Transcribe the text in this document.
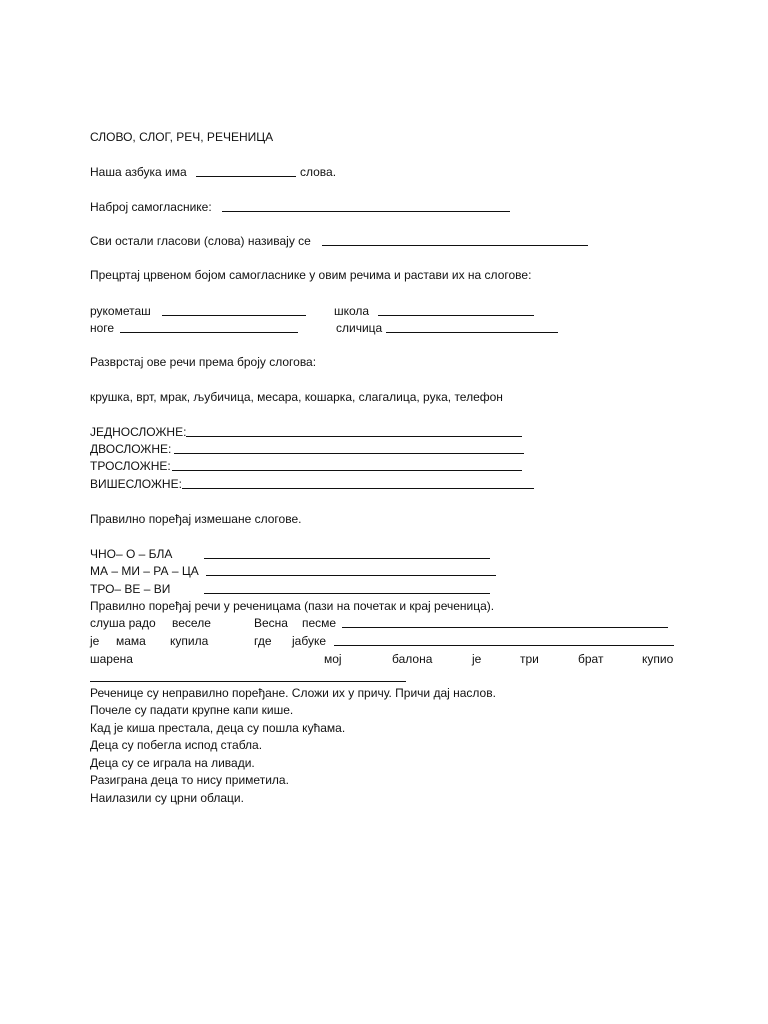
СЛОВО, СЛОГ, РЕЧ, РЕЧЕНИЦА
Наша азбука има	слова.
Наброј самогласнике:
Сви остали гласови (слова) називају се
Прецртај црвеном бојом самогласнике у овим речима и растави их на слогове:
рукометаш	школа
ноге	сличица
Разврстај ове речи према броју слогова:
крушка, врт, мрак, љубичица, месара, кошарка, слагалица, рука, телефон
ЈЕДНОСЛОЖНЕ:
ДВОСЛОЖНЕ:
ТРОСЛОЖНЕ:
ВИШЕСЛОЖНЕ:
Правилно поређај измешане слогове.
ЧНО– О – БЛА
МА – МИ – РА – ЦА
ТРО– ВЕ – ВИ
Правилно поређај речи у реченицама (пази на почетак и крај реченица).
слуша радо веселе	Весна песме
је мама купила	где јабуке
шарена	мој	балона	је	три	брат	купио
Реченице су неправилно поређане. Сложи их у причу. Причи дај наслов.
Почеле су падати крупне капи кише.
Кад је киша престала, деца су пошла кућама.
Деца су побегла испод стабла.
Деца су се играла на ливади.
Разиграна деца то нису приметила.
Наилазили су црни облаци.
